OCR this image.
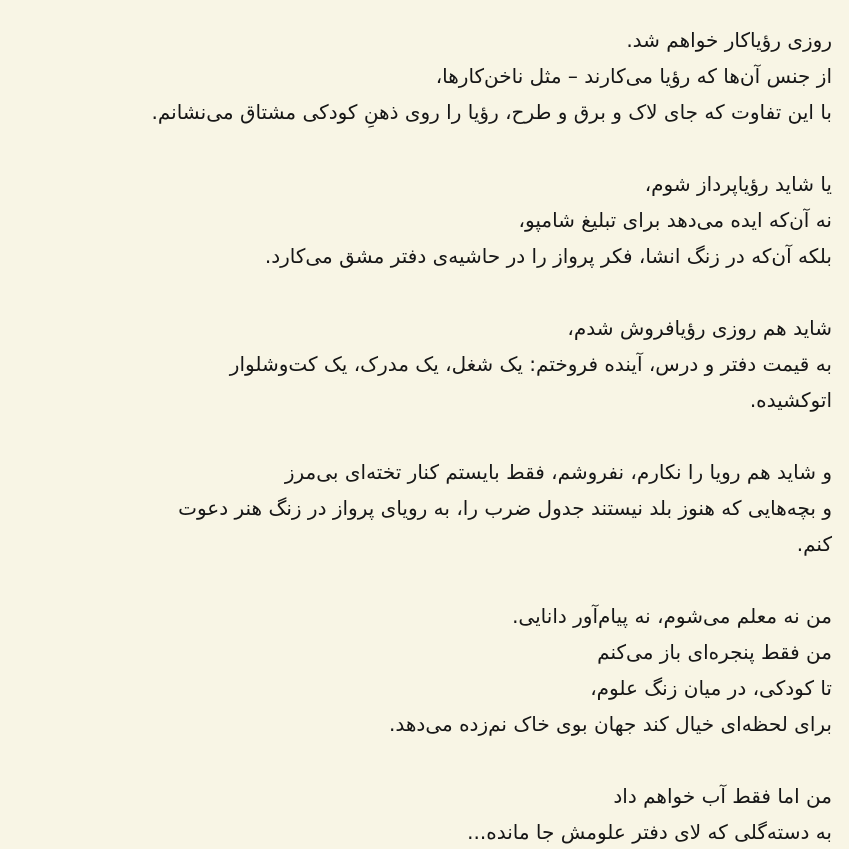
روزی رؤیاکار خواهم شد.
از جنس آن‌ها که رؤیا می‌کارند – مثل ناخن‌کارها،
با این تفاوت که جای لاک و برق و طرح، رؤیا را روی ذهنِ کودکی مشتاق می‌نشانم.
یا شاید رؤیاپرداز شوم،
نه آن‌که ایده می‌دهد برای تبلیغ شامپو،
بلکه آن‌که در زنگ انشا، فکر پرواز را در حاشیه‌ی دفتر مشق می‌کارد.
شاید هم روزی رؤیافروش شدم،
به قیمت دفتر و درس، آینده فروختم: یک شغل، یک مدرک، یک کت‌وشلوار
اتوکشیده.
و شاید هم رویا را نکارم، نفروشم، فقط بایستم کنار تخته‌ای بی‌مرز
و بچه‌هایی که هنوز بلد نیستند جدول ضرب را، به رویای پرواز در زنگ هنر دعوت
کنم.
من نه معلم می‌شوم، نه پیام‌آور دانایی.
من فقط پنجره‌ای باز می‌کنم
تا کودکی، در میان زنگ علوم،
برای لحظه‌ای خیال کند جهان بوی خاک نم‌زده می‌دهد.
من اما فقط آب خواهم داد
به دسته‌گلی که لای دفتر علومش جا مانده...
